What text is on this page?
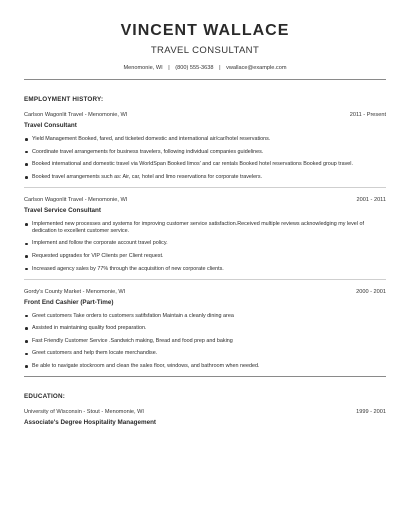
VINCENT WALLACE
TRAVEL CONSULTANT
Menomonie, WI | (800) 555-3638 | vwallace@example.com
EMPLOYMENT HISTORY:
Carlson Wagonlit Travel - Menomonie, WI	2011 - Present
Travel Consultant
Yield Management Booked, fared, and ticketed domestic and international air/car/hotel reservations.
Coordinate travel arrangements for business travelers, following individual companies guidelines.
Booked international and domestic travel via WorldSpan Booked limos' and car rentals Booked hotel reservations Booked group travel.
Booked travel arrangements such as: Air, car, hotel and limo reservations for corporate travelers.
Carlson Wagonlit Travel - Menomonie, WI	2001 - 2011
Travel Service Consultant
Implemented new processes and systems for improving customer service satisfaction.Received multiple reviews acknowledging my level of dedication to excellent customer service.
Implement and follow the corporate account travel policy.
Requested upgrades for VIP Clients per Client request.
Increased agency sales by 77% through the acquisition of new corporate clients.
Gordy's County Market - Menomonie, WI	2000 - 2001
Front End Cashier (Part-Time)
Greet customers Take orders to customers satifsfation Maintain a cleanly dining area
Assisted in maintaining quality food preparation.
Fast Friendly Customer Service .Sandwich making, Bread and food prep and baking
Greet customers and help them locate merchandise.
Be able to navigate stockroom and clean the sales floor, windows, and bathroom when needed.
EDUCATION:
University of Wisconsin - Stout - Menomonie, WI	1999 - 2001
Associate's Degree Hospitality Management
